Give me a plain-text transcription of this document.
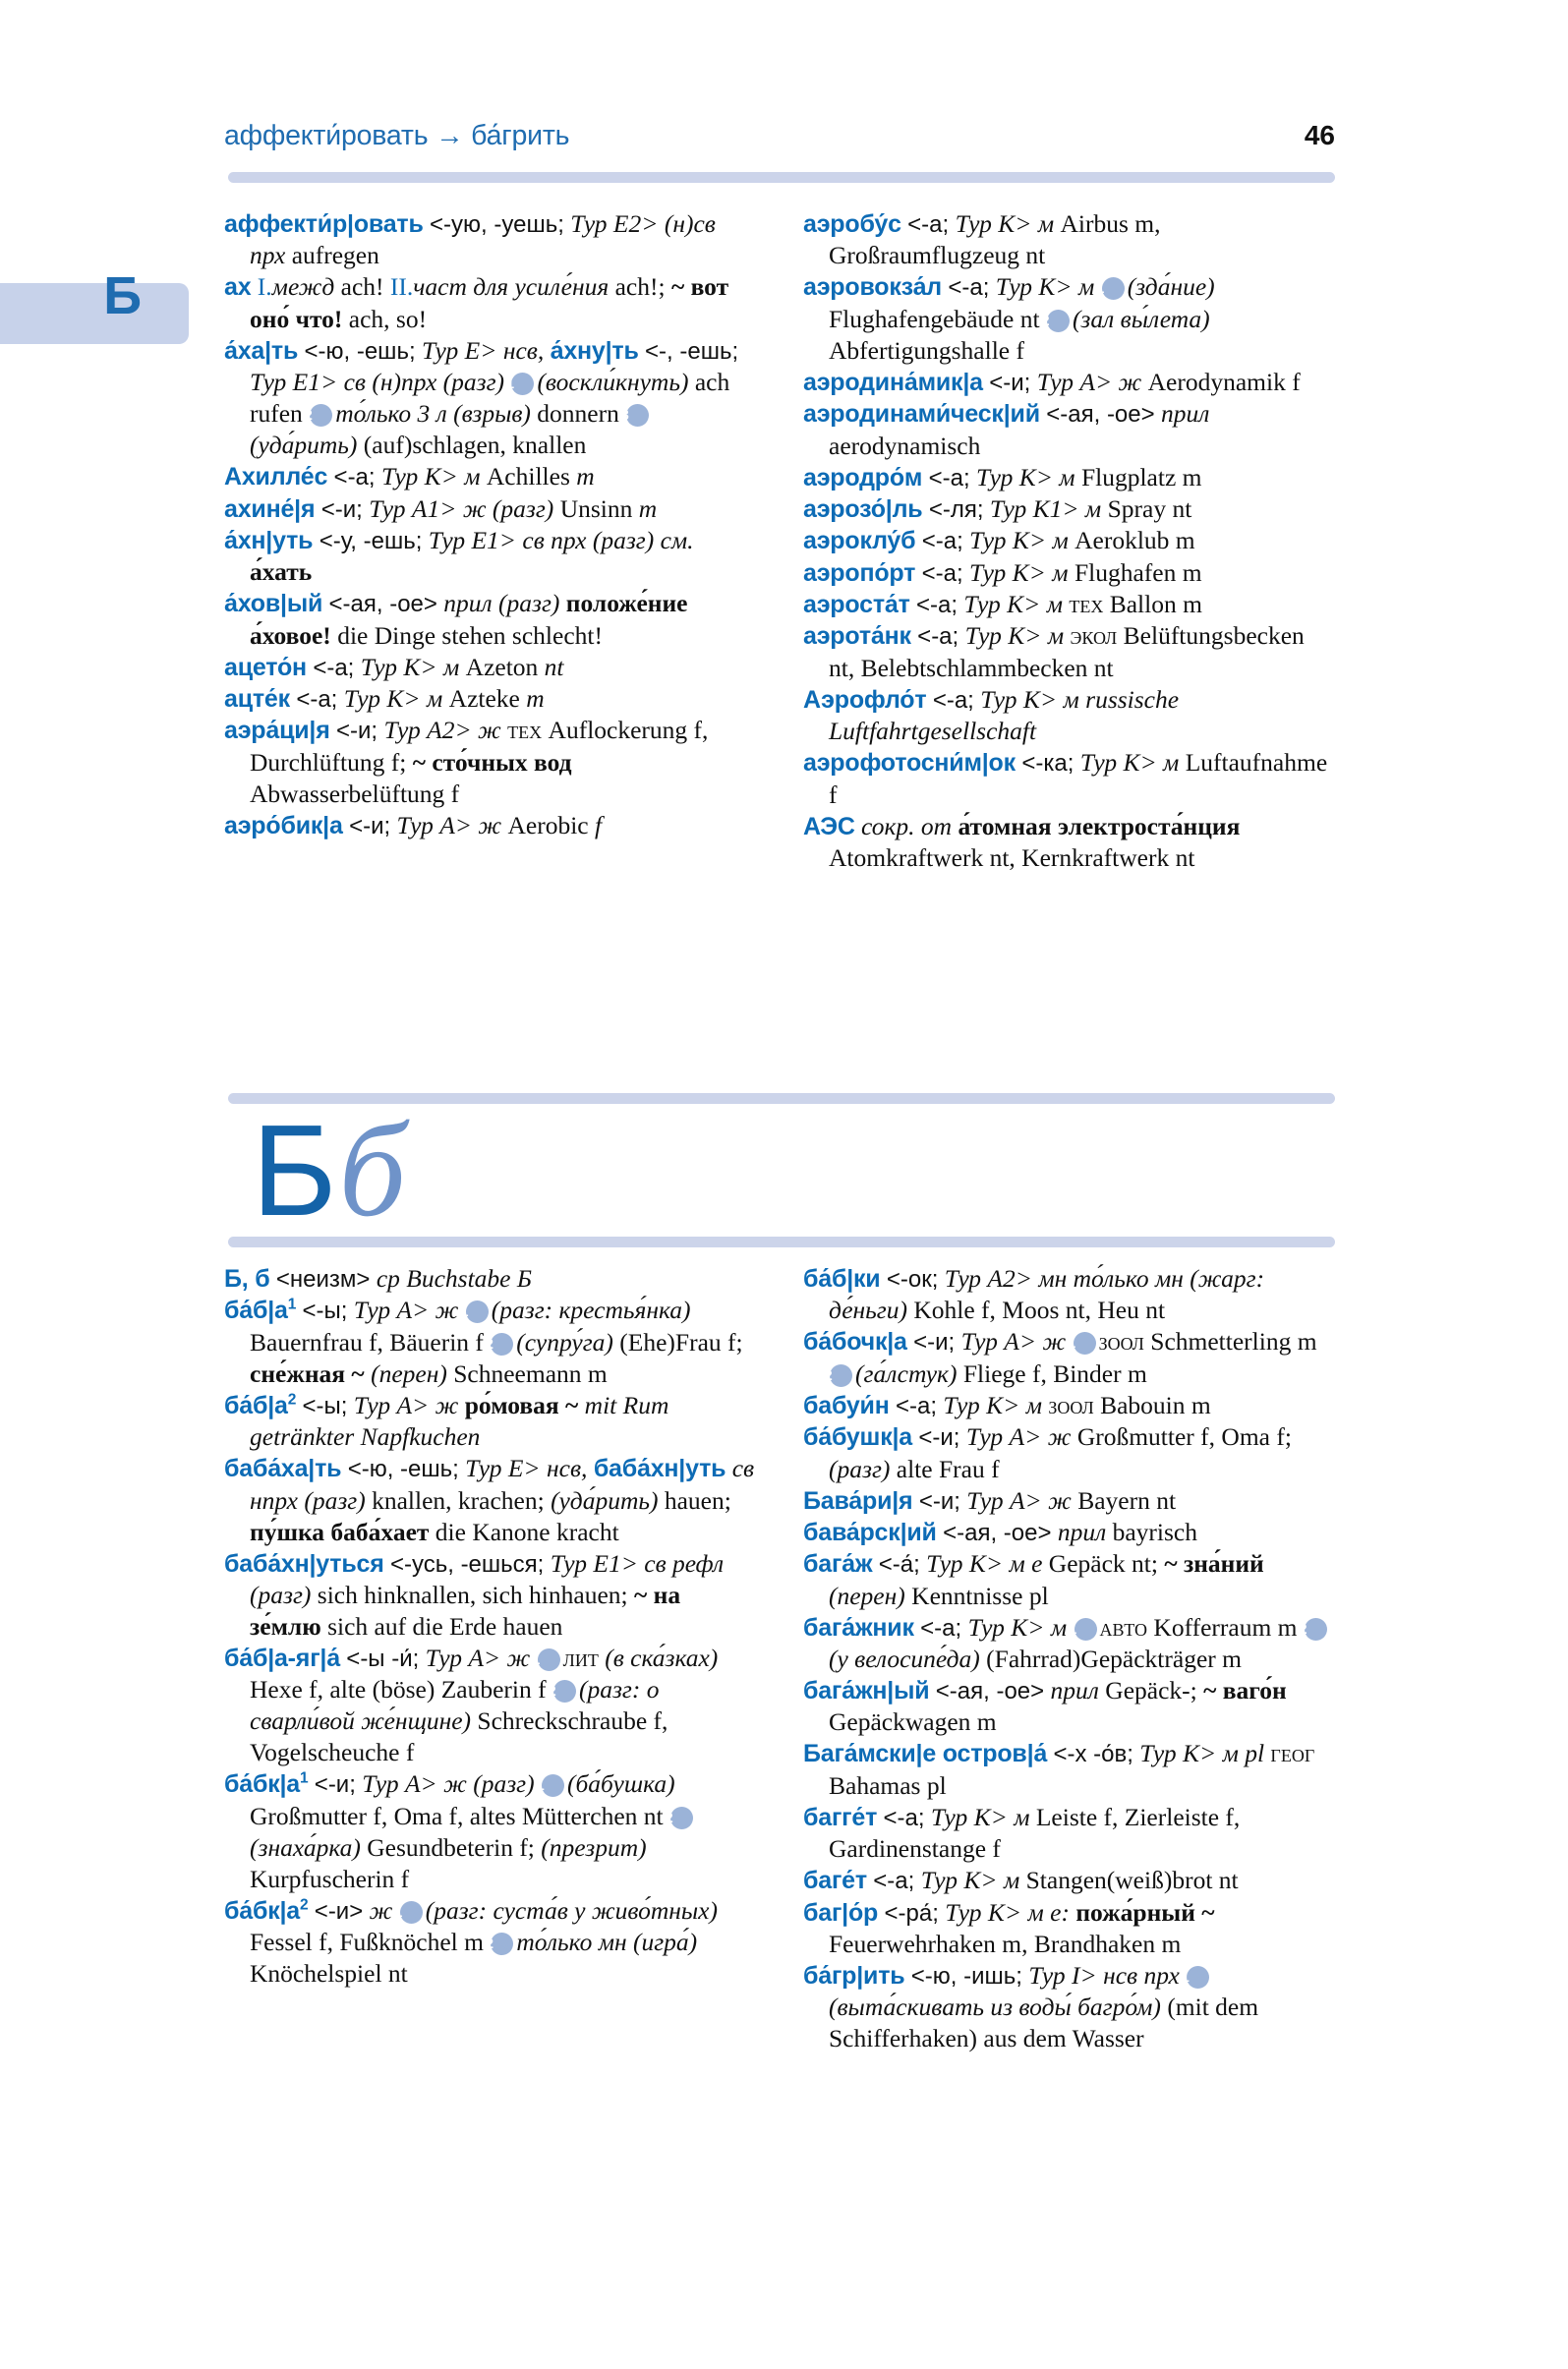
аффекти́ровать → ба́грить	46
Б

аффекти́р|овать <-ую, -уешь; Тур E2> (н)св прх aufregen

ах I.межд ach! II.част для усиле́ния ach!; ~ вот оно́ что! ach, so!

а́ха|ть <-ю, -ешь; Тур E> нсв, а́хну|ть <-, -ешь; Тур E1> св (н)прх (разг) 1 (воскли́кнуть) ach rufen 2 то́лько 3 л (взрыв) donnern 3(уда́рить) (auf)schlagen, knallen

Ахилле́с <-а; Тур K> м Achilles m

ахине́|я <-и; Тур A1> ж (разг) Unsinn m

а́хн|уть <-у, -ешь; Тур E1> св прх (разг) см. а́хать

а́хов|ый <-ая, -ое> прил (разг) положе́ние а́ховое! die Dinge stehen schlecht!

ацето́н <-а; Тур K> м Azeton nt

ацте́к <-а; Тур K> м Azteke m

аэра́ци|я <-и; Тур A2> ж тех Auflockerung f, Durchlüftung f; ~ сто́чных вод Abwasserbelüftung f

аэро́бик|а <-и; Тур A> ж Aerobic f

аэробу́с <-а; Тур K> м Airbus m, Großraumflugzeug nt

аэровокза́л <-а; Тур K> м 1 (зда́ние) Flughafengebäude nt 2 (зал вы́лета) Abfertigungshalle f

аэродина́мик|а <-и; Тур A> ж Aerodynamik f

аэродинами́ческ|ий <-ая, -ое> прил aerodynamisch

аэродро́м <-а; Тур K> м Flugplatz m

аэрозо́|ль <-ля; Тур K1> м Spray nt

аэроклу́б <-а; Тур K> м Aeroklub m

аэропо́рт <-а; Тур K> м Flughafen m

аэроста́т <-а; Тур K> м тех Ballon m

аэрота́нк <-а; Тур K> м экол Belüftungsbecken nt, Belebtschlammbecken nt

Аэрофло́т <-а; Тур K> м russische Luftfahrtgesellschaft

аэрофотосни́м|ок <-ка; Тур K> м Luftaufnahme f

АЭС сокр. от а́томная электроста́нция Atomkraftwerk nt, Kernkraftwerk nt

Бб

Б, б <неизм> ср Buchstabe Б

$ба́б|а^1 <-ы$; Тур A> ж 1 (разг: крестья́нка) Bauernfrau f, Bäuerin f 2 (супру́га) (Ehe)Frau f; сне́жная ~ (перен) Schneemann m

$ба́б|а^2 <-ы$; Тур A> ж ро́мовая ~ mit Rum getränkter Napfkuchen

баба́ха|ть <-ю, -ешь; Тур E> нсв, баба́хн|уть св нпрх (разг) knallen, krachen; (уда́рить) hauen; пу́шка баба́хает die Kanone kracht

баба́хн|уться <-усь, -ешься; Тур E1> св рефл (разг) sich hinknallen, sich hinhauen; ~ на зе́млю sich auf die Erde hauen

ба́б|а-яг|а́ <-ы -и́; Тур A> ж 1 лит (в ска́зках) Hexe f, alte (böse) Zauberin f 2 (разг: о сварли́вой же́нщине) Schreckschraube f, Vogelscheuche f

$ба́бк|а^1 <-и$; Тур A> ж (разг) 1 (ба́бушка) Großmutter f, Oma f, altes Mütterchen nt 2(знаха́рка) Gesundbeterin f; (презрит) Kurpfuscherin f

$ба́бк|а^2 <-и> ж$ 1 (разг: суста́в у живо́тных) Fessel f, Fußknöchel m 2 то́лько мн (игра́) Knöchelspiel nt

ба́б|ки <-ок; Тур A2> мн то́лько мн (жарг: де́ньги) Kohle f, Moos nt, Heu nt

ба́бочк|а <-и; Тур A> ж 1 зоол Schmetterling m 2 (га́лстук) Fliege f, Binder m

бабуи́н <-а; Тур K> м зоол Babouin m

ба́бушк|а <-и; Тур A> ж Großmutter f, Oma f; (разг) alte Frau f

Бава́ри|я <-и; Тур A> ж Bayern nt

бава́рск|ий <-ая, -ое> прил bayrisch

бага́ж <-а́; Тур K> м е Gepäck nt; ~ зна́ний (перен) Kenntnisse pl

бага́жник <-а; Тур K> м 1 авто Kofferraum m 2(у велосипе́да) (Fahrrad)Gepäckträger m

бага́жн|ый <-ая, -ое> прил Gepäck-; ~ ваго́н Gepäckwagen m

Бага́мски|е остров|а́ <-х -о́в; Тур K> м pl геог Bahamas pl

багге́т <-а; Тур K> м Leiste f, Zierleiste f, Gardinenstange f

баге́т <-а; Тур K> м Stangen(weiß)brot nt

баг|о́р <-ра́; Тур K> м е: пожа́рный ~ Feuerwehrhaken m, Brandhaken m

ба́гр|ить <-ю, -ишь; Тур I> нсв прх 1(выта́скивать из воды́ багро́м) (mit dem Schifferhaken) aus dem Wasser
